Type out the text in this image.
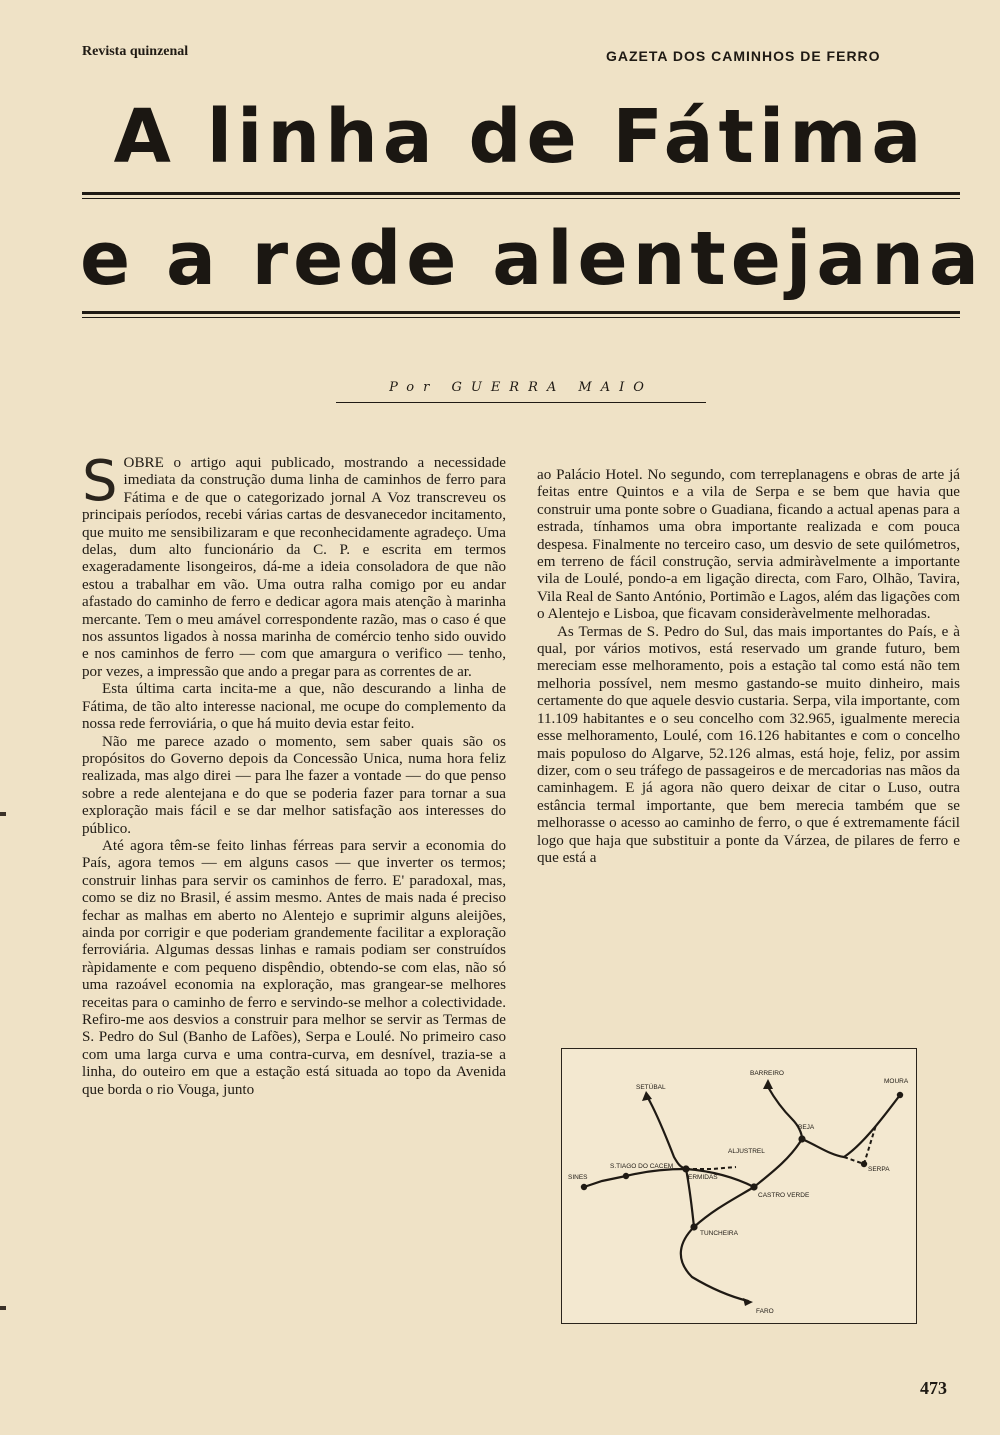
Revista quinzenal	GAZETA DOS CAMINHOS DE FERRO
A linha de Fátima
e a rede alentejana
Por GUERRA MAIO

SOBRE o artigo aqui publicado, mostrando a necessidade imediata da construção duma linha de caminhos de ferro para Fátima e de que o categorizado jornal A Voz transcreveu os principais períodos, recebi várias cartas de desvanecedor incitamento, que muito me sensibilizaram e que reconhecidamente agradeço. Uma delas, dum alto funcionário da C. P. e escrita em termos exageradamente lisongeiros, dá-me a ideia consoladora de que não estou a trabalhar em vão. Uma outra ralha comigo por eu andar afastado do caminho de ferro e dedicar agora mais atenção à marinha mercante. Tem o meu amável correspondente razão, mas o caso é que nos assuntos ligados à nossa marinha de comércio tenho sido ouvido e nos caminhos de ferro — com que amargura o verifico — tenho, por vezes, a impressão que ando a pregar para as correntes de ar.

Esta última carta incita-me a que, não descurando a linha de Fátima, de tão alto interesse nacional, me ocupe do complemento da nossa rede ferroviária, o que há muito devia estar feito.

Não me parece azado o momento, sem saber quais são os propósitos do Governo depois da Concessão Unica, numa hora feliz realizada, mas algo direi — para lhe fazer a vontade — do que penso sobre a rede alentejana e do que se poderia fazer para tornar a sua exploração mais fácil e se dar melhor satisfação aos interesses do público.

Até agora têm-se feito linhas férreas para servir a economia do País, agora temos — em alguns casos — que inverter os termos; construir linhas para servir os caminhos de ferro. E' paradoxal, mas, como se diz no Brasil, é assim mesmo. Antes de mais nada é preciso fechar as malhas em aberto no Alentejo e suprimir alguns aleijões, ainda por corrigir e que poderiam grandemente facilitar a exploração ferroviária. Algumas dessas linhas e ramais podiam ser construídos ràpidamente e com pequeno dispêndio, obtendo-se com elas, não só uma razoável economia na exploração, mas grangear-se melhores receitas para o caminho de ferro e servindo-se melhor a colectividade. Refiro-me aos desvios a construir para melhor se servir as Termas de S. Pedro do Sul (Banho de Lafões), Serpa e Loulé. No primeiro caso com uma larga curva e uma contra-curva, em desnível, trazia-se a linha, do outeiro em que a estação está situada ao topo da Avenida que borda o rio Vouga, junto

ao Palácio Hotel. No segundo, com terreplanagens e obras de arte já feitas entre Quintos e a vila de Serpa e se bem que havia que construir uma ponte sobre o Guadiana, ficando a actual apenas para a estrada, tínhamos uma obra importante realizada e com pouca despesa. Finalmente no terceiro caso, um desvio de sete quilómetros, em terreno de fácil construção, servia admiràvelmente a importante vila de Loulé, pondo-a em ligação directa, com Faro, Olhão, Tavira, Vila Real de Santo António, Portimão e Lagos, além das ligações com o Alentejo e Lisboa, que ficavam consideràvelmente melhoradas.

As Termas de S. Pedro do Sul, das mais importantes do País, e à qual, por vários motivos, está reservado um grande futuro, bem mereciam esse melhoramento, pois a estação tal como está não tem melhoria possível, nem mesmo gastando-se muito dinheiro, mais certamente do que aquele desvio custaria. Serpa, vila importante, com 11.109 habitantes e o seu concelho com 32.965, igualmente merecia esse melhoramento, Loulé, com 16.126 habitantes e com o concelho mais populoso do Algarve, 52.126 almas, está hoje, feliz, por assim dizer, com o seu tráfego de passageiros e de mercadorias nas mãos da caminhagem. E já agora não quero deixar de citar o Luso, outra estância termal importante, que bem merecia também que se melhorasse o acesso ao caminho de ferro, o que é extremamente fácil logo que haja que substituir a ponte da Várzea, de pilares de ferro e que está a

BARREIRO
MOURA
SETÚBAL
ALJUSTREL
BEJA
SINES
S.TIAGO DO CACEM
ERMIDAS
CASTRO VERDE
SERPA
TUNCHEIRA
FARO
473
